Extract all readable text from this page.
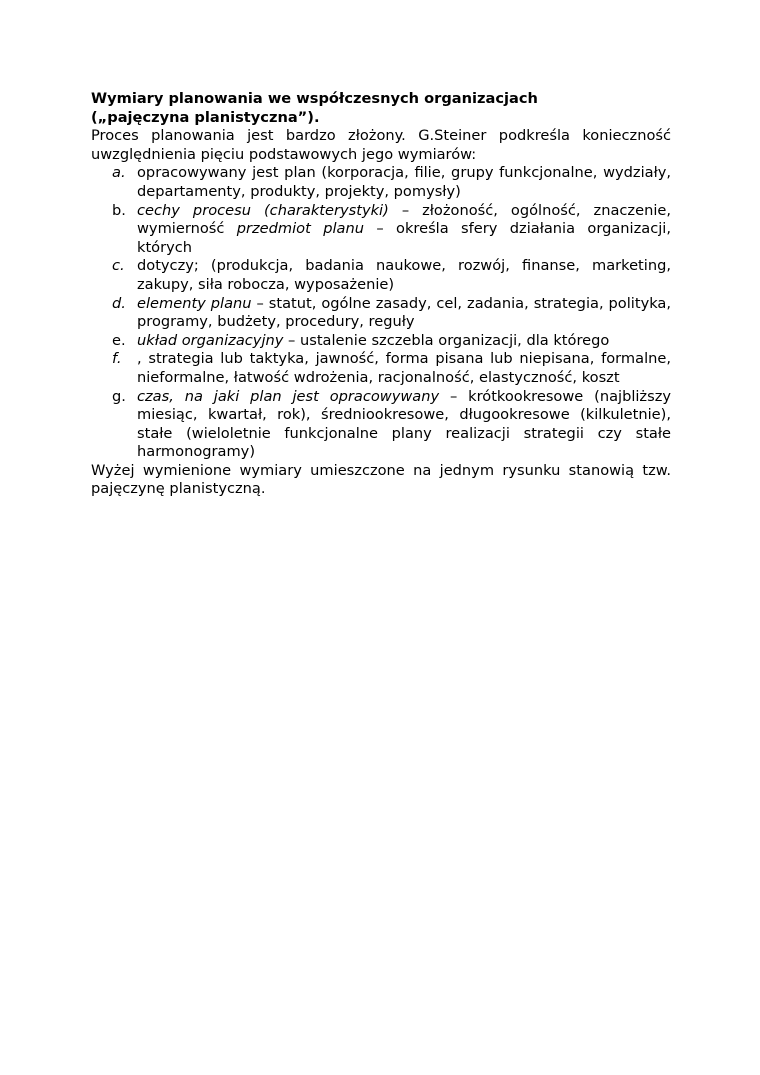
Wymiary planowania we współczesnych organizacjach

(„pajęczyna planistyczna”).

Proces planowania jest bardzo złożony. G.Steiner podkreśla konieczność uwzględnienia pięciu podstawowych jego wymiarów:

a. opracowywany jest plan (korporacja, filie, grupy funkcjonalne, wydziały, departamenty, produkty, projekty, pomysły)
b. cechy procesu (charakterystyki) – złożoność, ogólność, znaczenie, wymierność przedmiot planu – określa sfery działania organizacji, których
c. dotyczy; (produkcja, badania naukowe, rozwój, finanse, marketing, zakupy, siła robocza, wyposażenie)
d. elementy planu – statut, ogólne zasady, cel, zadania, strategia, polityka, programy, budżety, procedury, reguły
e. układ organizacyjny – ustalenie szczebla organizacji, dla którego
f. , strategia lub taktyka, jawność, forma pisana lub niepisana, formalne, nieformalne, łatwość wdrożenia, racjonalność, elastyczność, koszt
g. czas, na jaki plan jest opracowywany – krótkookresowe (najbliższy miesiąc, kwartał, rok), średniookresowe, długookresowe (kilkuletnie), stałe (wieloletnie funkcjonalne plany realizacji strategii czy stałe harmonogramy)

Wyżej wymienione wymiary umieszczone na jednym rysunku stanowią tzw. pajęczynę planistyczną.
